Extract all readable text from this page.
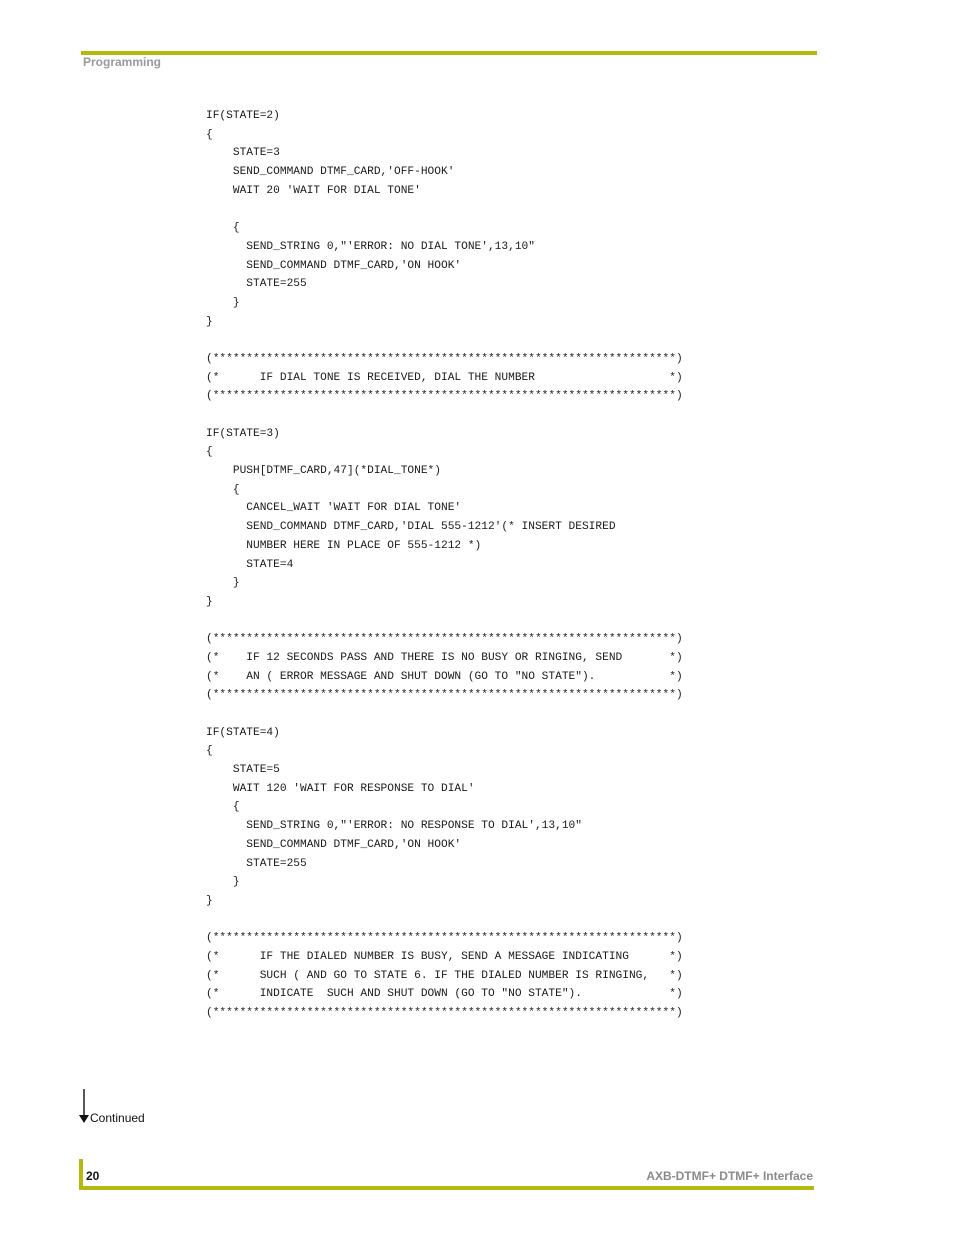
Programming
IF(STATE=2)
{
STATE=3
SEND_COMMAND DTMF_CARD,'OFF-HOOK'
WAIT 20 'WAIT FOR DIAL TONE'
{
SEND_STRING 0,"'ERROR: NO DIAL TONE',13,10"
SEND_COMMAND DTMF_CARD,'ON HOOK'
STATE=255
}
}
(*********************************************************************)
(*      IF DIAL TONE IS RECEIVED, DIAL THE NUMBER                    *)
(*********************************************************************)
IF(STATE=3)
{
PUSH[DTMF_CARD,47](*DIAL_TONE*)
{
CANCEL_WAIT 'WAIT FOR DIAL TONE'
SEND_COMMAND DTMF_CARD,'DIAL 555-1212'(* INSERT DESIRED
NUMBER HERE IN PLACE OF 555-1212 *)
STATE=4
}
}
(*********************************************************************)
(*    IF 12 SECONDS PASS AND THERE IS NO BUSY OR RINGING, SEND       *)
(*    AN ( ERROR MESSAGE AND SHUT DOWN (GO TO "NO STATE").           *)
(*********************************************************************)
IF(STATE=4)
{
STATE=5
WAIT 120 'WAIT FOR RESPONSE TO DIAL'
{
SEND_STRING 0,"'ERROR: NO RESPONSE TO DIAL',13,10"
SEND_COMMAND DTMF_CARD,'ON HOOK'
STATE=255
}
}
(*********************************************************************)
(*      IF THE DIALED NUMBER IS BUSY, SEND A MESSAGE INDICATING      *)
(*      SUCH ( AND GO TO STATE 6. IF THE DIALED NUMBER IS RINGING,   *)
(*      INDICATE  SUCH AND SHUT DOWN (GO TO "NO STATE").             *)
(*********************************************************************)
Continued
20	AXB-DTMF+ DTMF+ Interface
